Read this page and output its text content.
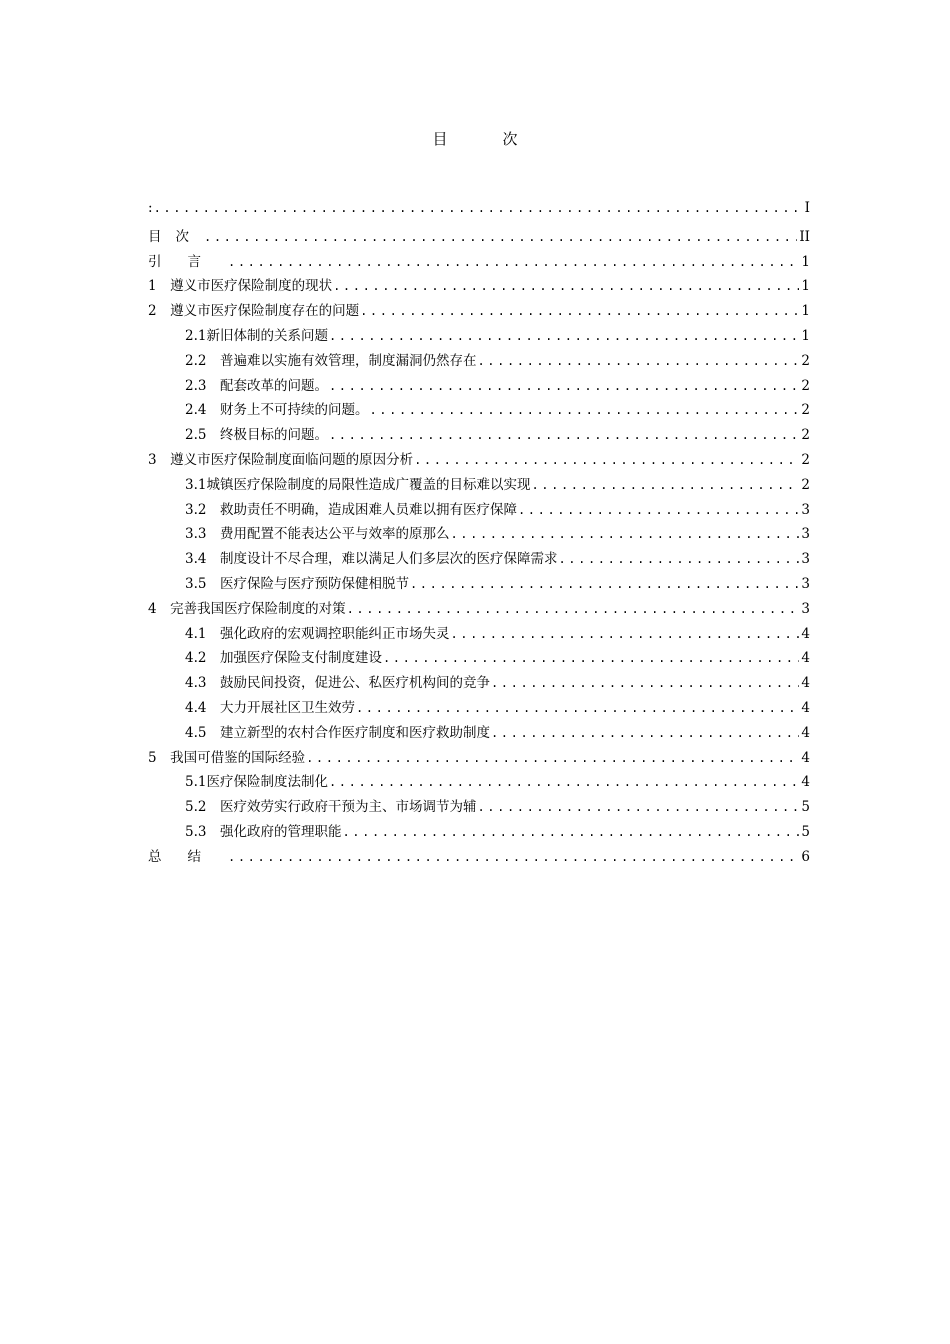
目　次
: .....	I
目次 .....	II
引言 .....	1
1　遵义市医疗保险制度的现状 .....	1
2　遵义市医疗保险制度存在的问题 .....	1
2.1新旧体制的关系问题 .....	1
2.2　普遍难以实施有效管理，制度漏洞仍然存在 .....	2
2.3　配套改革的问题。 .....	2
2.4　财务上不可持续的问题。 .....	2
2.5　终极目标的问题。 .....	2
3　遵义市医疗保险制度面临问题的原因分析 .....	2
3.1城镇医疗保险制度的局限性造成广覆盖的目标难以实现 .....	2
3.2　救助责任不明确，造成困难人员难以拥有医疗保障 .....	3
3.3　费用配置不能表达公平与效率的原那么 .....	3
3.4　制度设计不尽合理，难以满足人们多层次的医疗保障需求 .....	3
3.5　医疗保险与医疗预防保健相脱节 .....	3
4　完善我国医疗保险制度的对策 .....	3
4.1　强化政府的宏观调控职能纠正市场失灵 .....	4
4.2　加强医疗保险支付制度建设 .....	4
4.3　鼓励民间投资，促进公、私医疗机构间的竞争 .....	4
4.4　大力开展社区卫生效劳 .....	4
4.5　建立新型的农村合作医疗制度和医疗救助制度 .....	4
5　我国可借鉴的国际经验 .....	4
5.1医疗保险制度法制化 .....	4
5.2　医疗效劳实行政府干预为主、市场调节为辅 .....	5
5.3　强化政府的管理职能 .....	5
总结 .....	6
